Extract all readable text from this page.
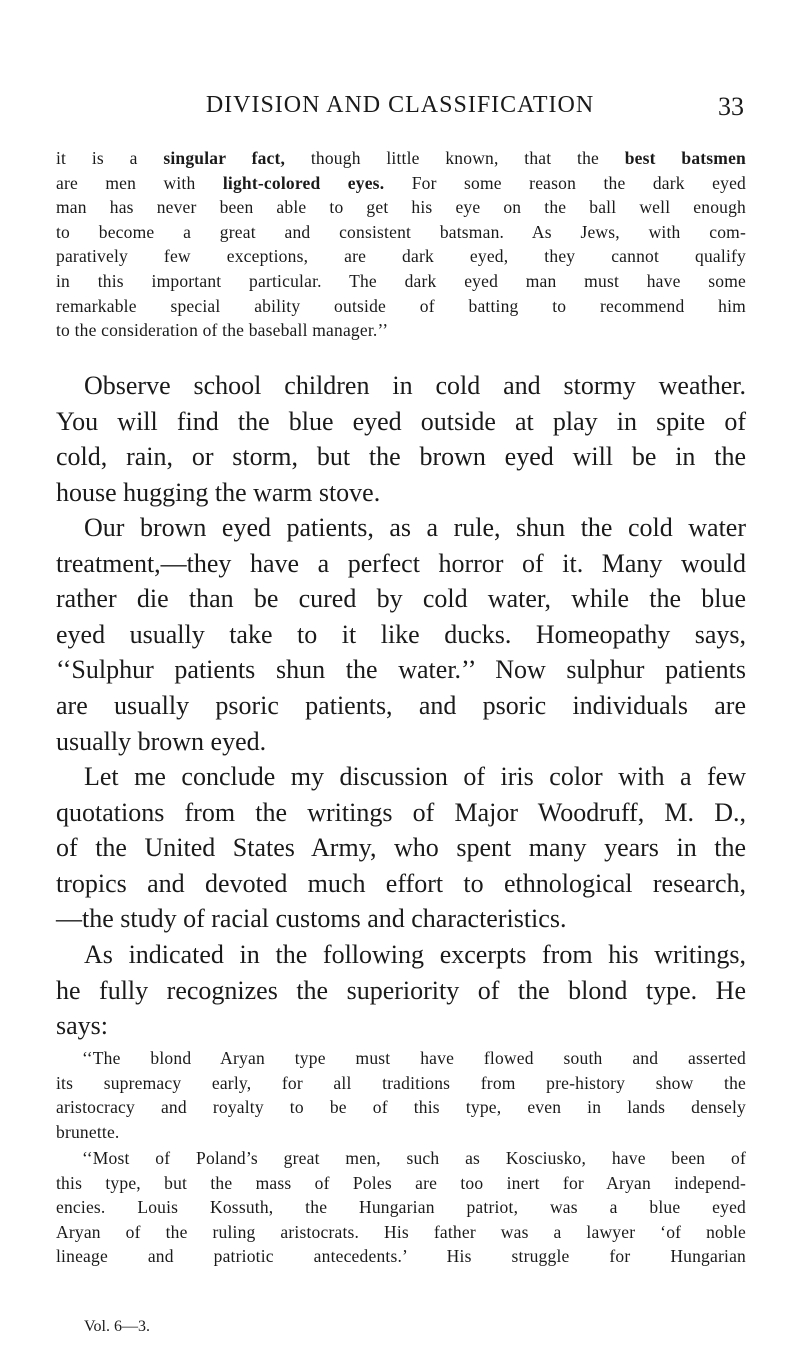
DIVISION AND CLASSIFICATION	33
it is a singular fact, though little known, that the best batsmen
are men with light-colored eyes. For some reason the dark eyed
man has never been able to get his eye on the ball well enough
to become a great and consistent batsman. As Jews, with com-
paratively few exceptions, are dark eyed, they cannot qualify
in this important particular. The dark eyed man must have some
remarkable special ability outside of batting to recommend him
to the consideration of the baseball manager.’’
Observe school children in cold and stormy weather.
You will find the blue eyed outside at play in spite of
cold, rain, or storm, but the brown eyed will be in the
house hugging the warm stove.
Our brown eyed patients, as a rule, shun the cold water
treatment,—they have a perfect horror of it. Many would
rather die than be cured by cold water, while the blue
eyed usually take to it like ducks. Homeopathy says,
‘‘Sulphur patients shun the water.’’ Now sulphur patients
are usually psoric patients, and psoric individuals are
usually brown eyed.
Let me conclude my discussion of iris color with a few
quotations from the writings of Major Woodruff, M. D.,
of the United States Army, who spent many years in the
tropics and devoted much effort to ethnological research,
—the study of racial customs and characteristics.
As indicated in the following excerpts from his writings,
he fully recognizes the superiority of the blond type. He
says:
‘‘The blond Aryan type must have flowed south and asserted
its supremacy early, for all traditions from pre-history show the
aristocracy and royalty to be of this type, even in lands densely
brunette.
‘‘Most of Poland’s great men, such as Kosciusko, have been of
this type, but the mass of Poles are too inert for Aryan independ-
encies. Louis Kossuth, the Hungarian patriot, was a blue eyed
Aryan of the ruling aristocrats. His father was a lawyer ‘of noble
lineage and patriotic antecedents.’ His struggle for Hungarian
Vol. 6—3.
